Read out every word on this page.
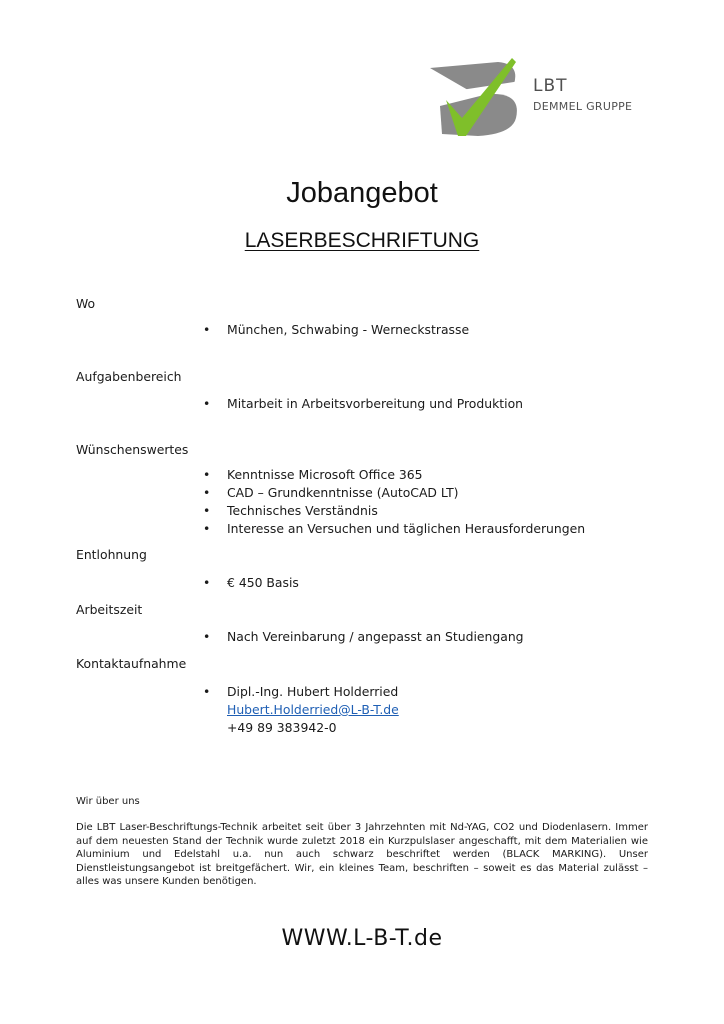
LBT
DEMMEL GRUPPE
Jobangebot
LASERBESCHRIFTUNG
Wo
• München, Schwabing - Werneckstrasse
Aufgabenbereich
• Mitarbeit in Arbeitsvorbereitung und Produktion
Wünschenswertes
• Kenntnisse Microsoft Office 365
• CAD – Grundkenntnisse (AutoCAD LT)
• Technisches Verständnis
• Interesse an Versuchen und täglichen Herausforderungen
Entlohnung
• € 450 Basis
Arbeitszeit
• Nach Vereinbarung / angepasst an Studiengang
Kontaktaufnahme
• Dipl.-Ing. Hubert Holderried
Hubert.Holderried@L-B-T.de
+49 89 383942-0
Wir über uns

Die LBT Laser-Beschriftungs-Technik arbeitet seit über 3 Jahrzehnten mit Nd-YAG, CO2 und Diodenlasern. Immer auf dem neuesten Stand der Technik wurde zuletzt 2018 ein Kurzpulslaser angeschafft, mit dem Materialien wie Aluminium und Edelstahl u.a. nun auch schwarz beschriftet werden (BLACK MARKING). Unser Dienstleistungsangebot ist breitgefächert. Wir, ein kleines Team, beschriften – soweit es das Material zulässt – alles was unsere Kunden benötigen.

WWW.L-B-T.de
